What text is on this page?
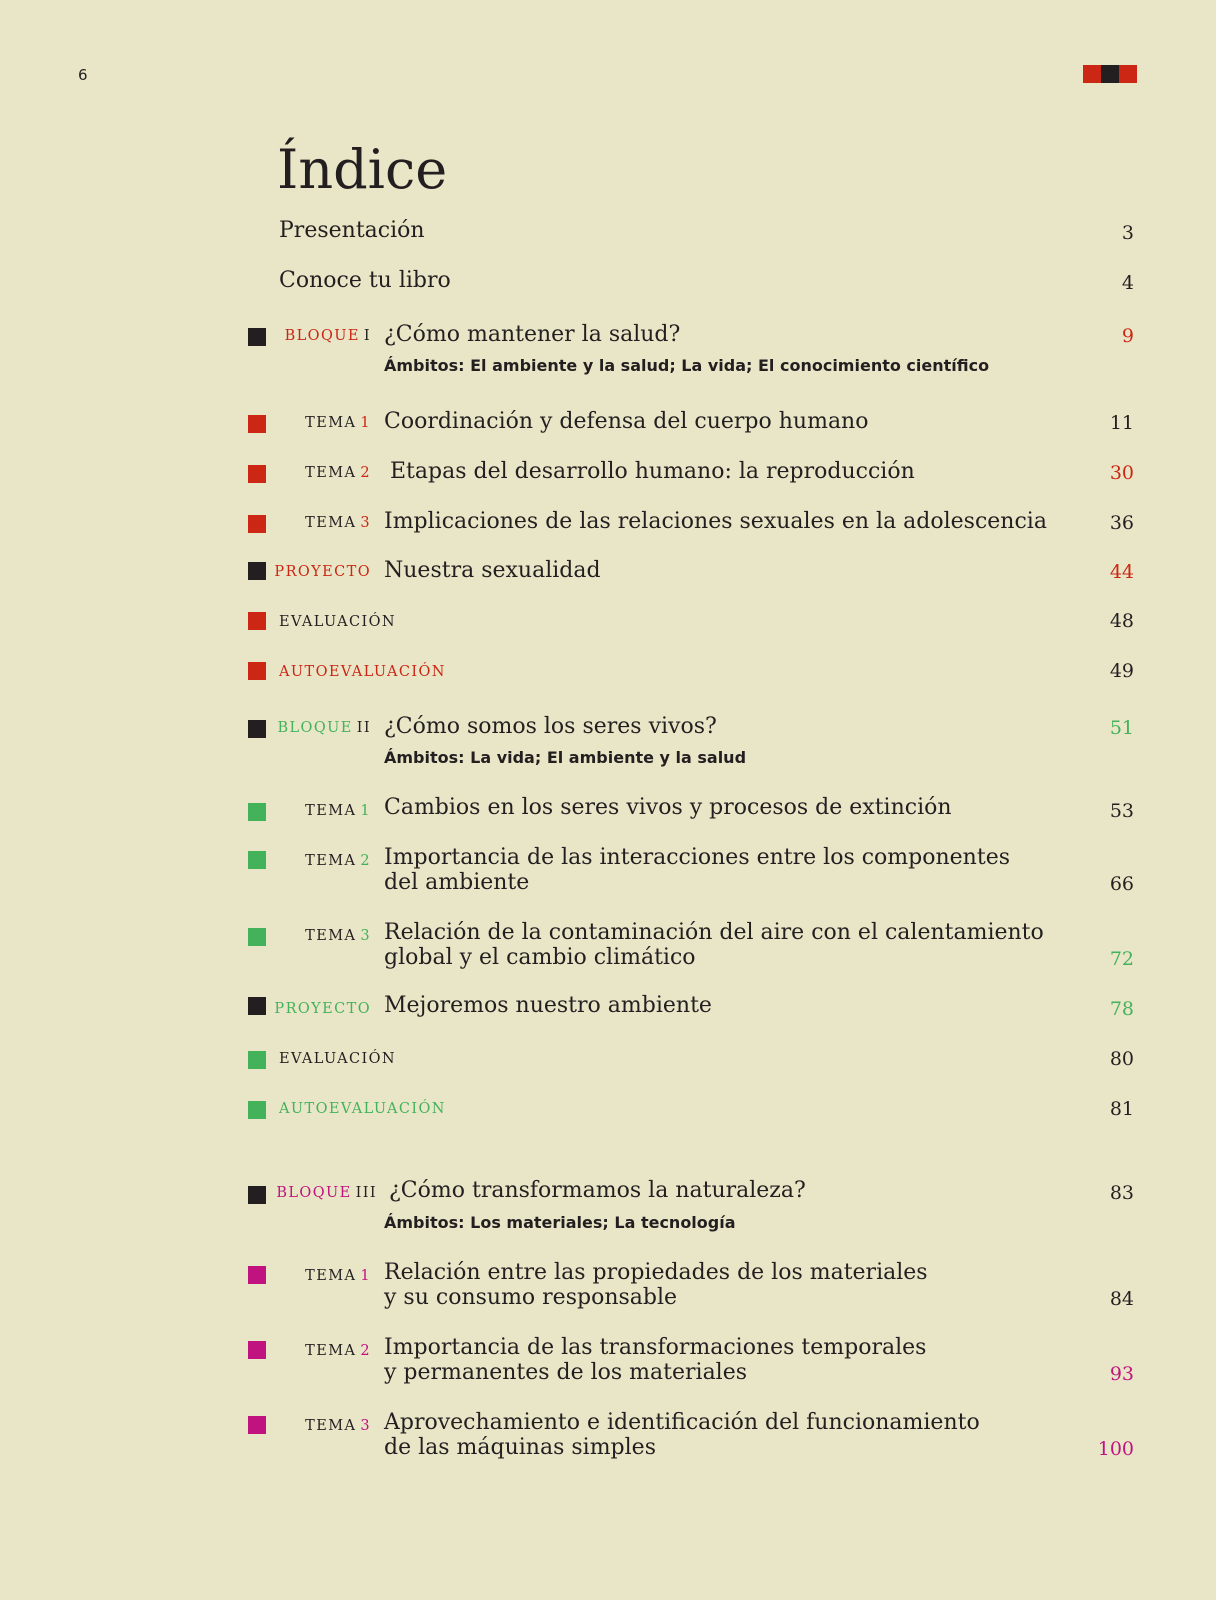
6
Índice
Presentación	3
Conoce tu libro	4
BLOQUE I ¿Cómo mantener la salud?	9
Ámbitos: El ambiente y la salud; La vida; El conocimiento científico
TEMA 1 Coordinación y defensa del cuerpo humano	11
TEMA 2 Etapas del desarrollo humano: la reproducción	30
TEMA 3 Implicaciones de las relaciones sexuales en la adolescencia	36
PROYECTO Nuestra sexualidad	44
EVALUACIÓN	48
AUTOEVALUACIÓN	49
BLOQUE II ¿Cómo somos los seres vivos?	51
Ámbitos: La vida; El ambiente y la salud
TEMA 1 Cambios en los seres vivos y procesos de extinción	53
TEMA 2 Importancia de las interacciones entre los componentes
del ambiente	66
TEMA 3 Relación de la contaminación del aire con el calentamiento
global y el cambio climático	72
PROYECTO Mejoremos nuestro ambiente	78
EVALUACIÓN	80
AUTOEVALUACIÓN	81
BLOQUE III ¿Cómo transformamos la naturaleza?	83
Ámbitos: Los materiales; La tecnología
TEMA 1 Relación entre las propiedades de los materiales
y su consumo responsable	84
TEMA 2 Importancia de las transformaciones temporales
y permanentes de los materiales	93
TEMA 3 Aprovechamiento e identificación del funcionamiento
de las máquinas simples	100
